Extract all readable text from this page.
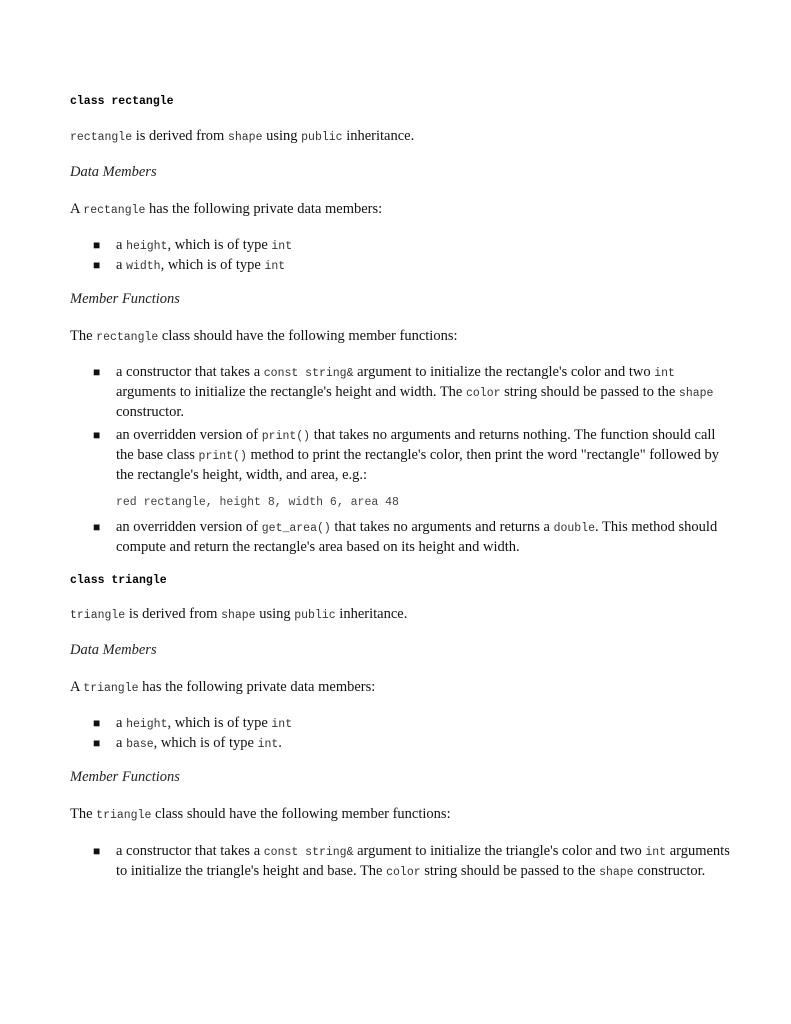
class rectangle
rectangle is derived from shape using public inheritance.
Data Members
A rectangle has the following private data members:
■ a height, which is of type int
■ a width, which is of type int
Member Functions
The rectangle class should have the following member functions:
■ a constructor that takes a const string& argument to initialize the rectangle's color and two int arguments to initialize the rectangle's height and width. The color string should be passed to the shape constructor.
■ an overridden version of print() that takes no arguments and returns nothing. The function should call the base class print() method to print the rectangle's color, then print the word "rectangle" followed by the rectangle's height, width, and area, e.g.:
red rectangle, height 8, width 6, area 48
■ an overridden version of get_area() that takes no arguments and returns a double. This method should compute and return the rectangle's area based on its height and width.
class triangle
triangle is derived from shape using public inheritance.
Data Members
A triangle has the following private data members:
■ a height, which is of type int
■ a base, which is of type int.
Member Functions
The triangle class should have the following member functions:
■ a constructor that takes a const string& argument to initialize the triangle's color and two int arguments to initialize the triangle's height and base. The color string should be passed to the shape constructor.
